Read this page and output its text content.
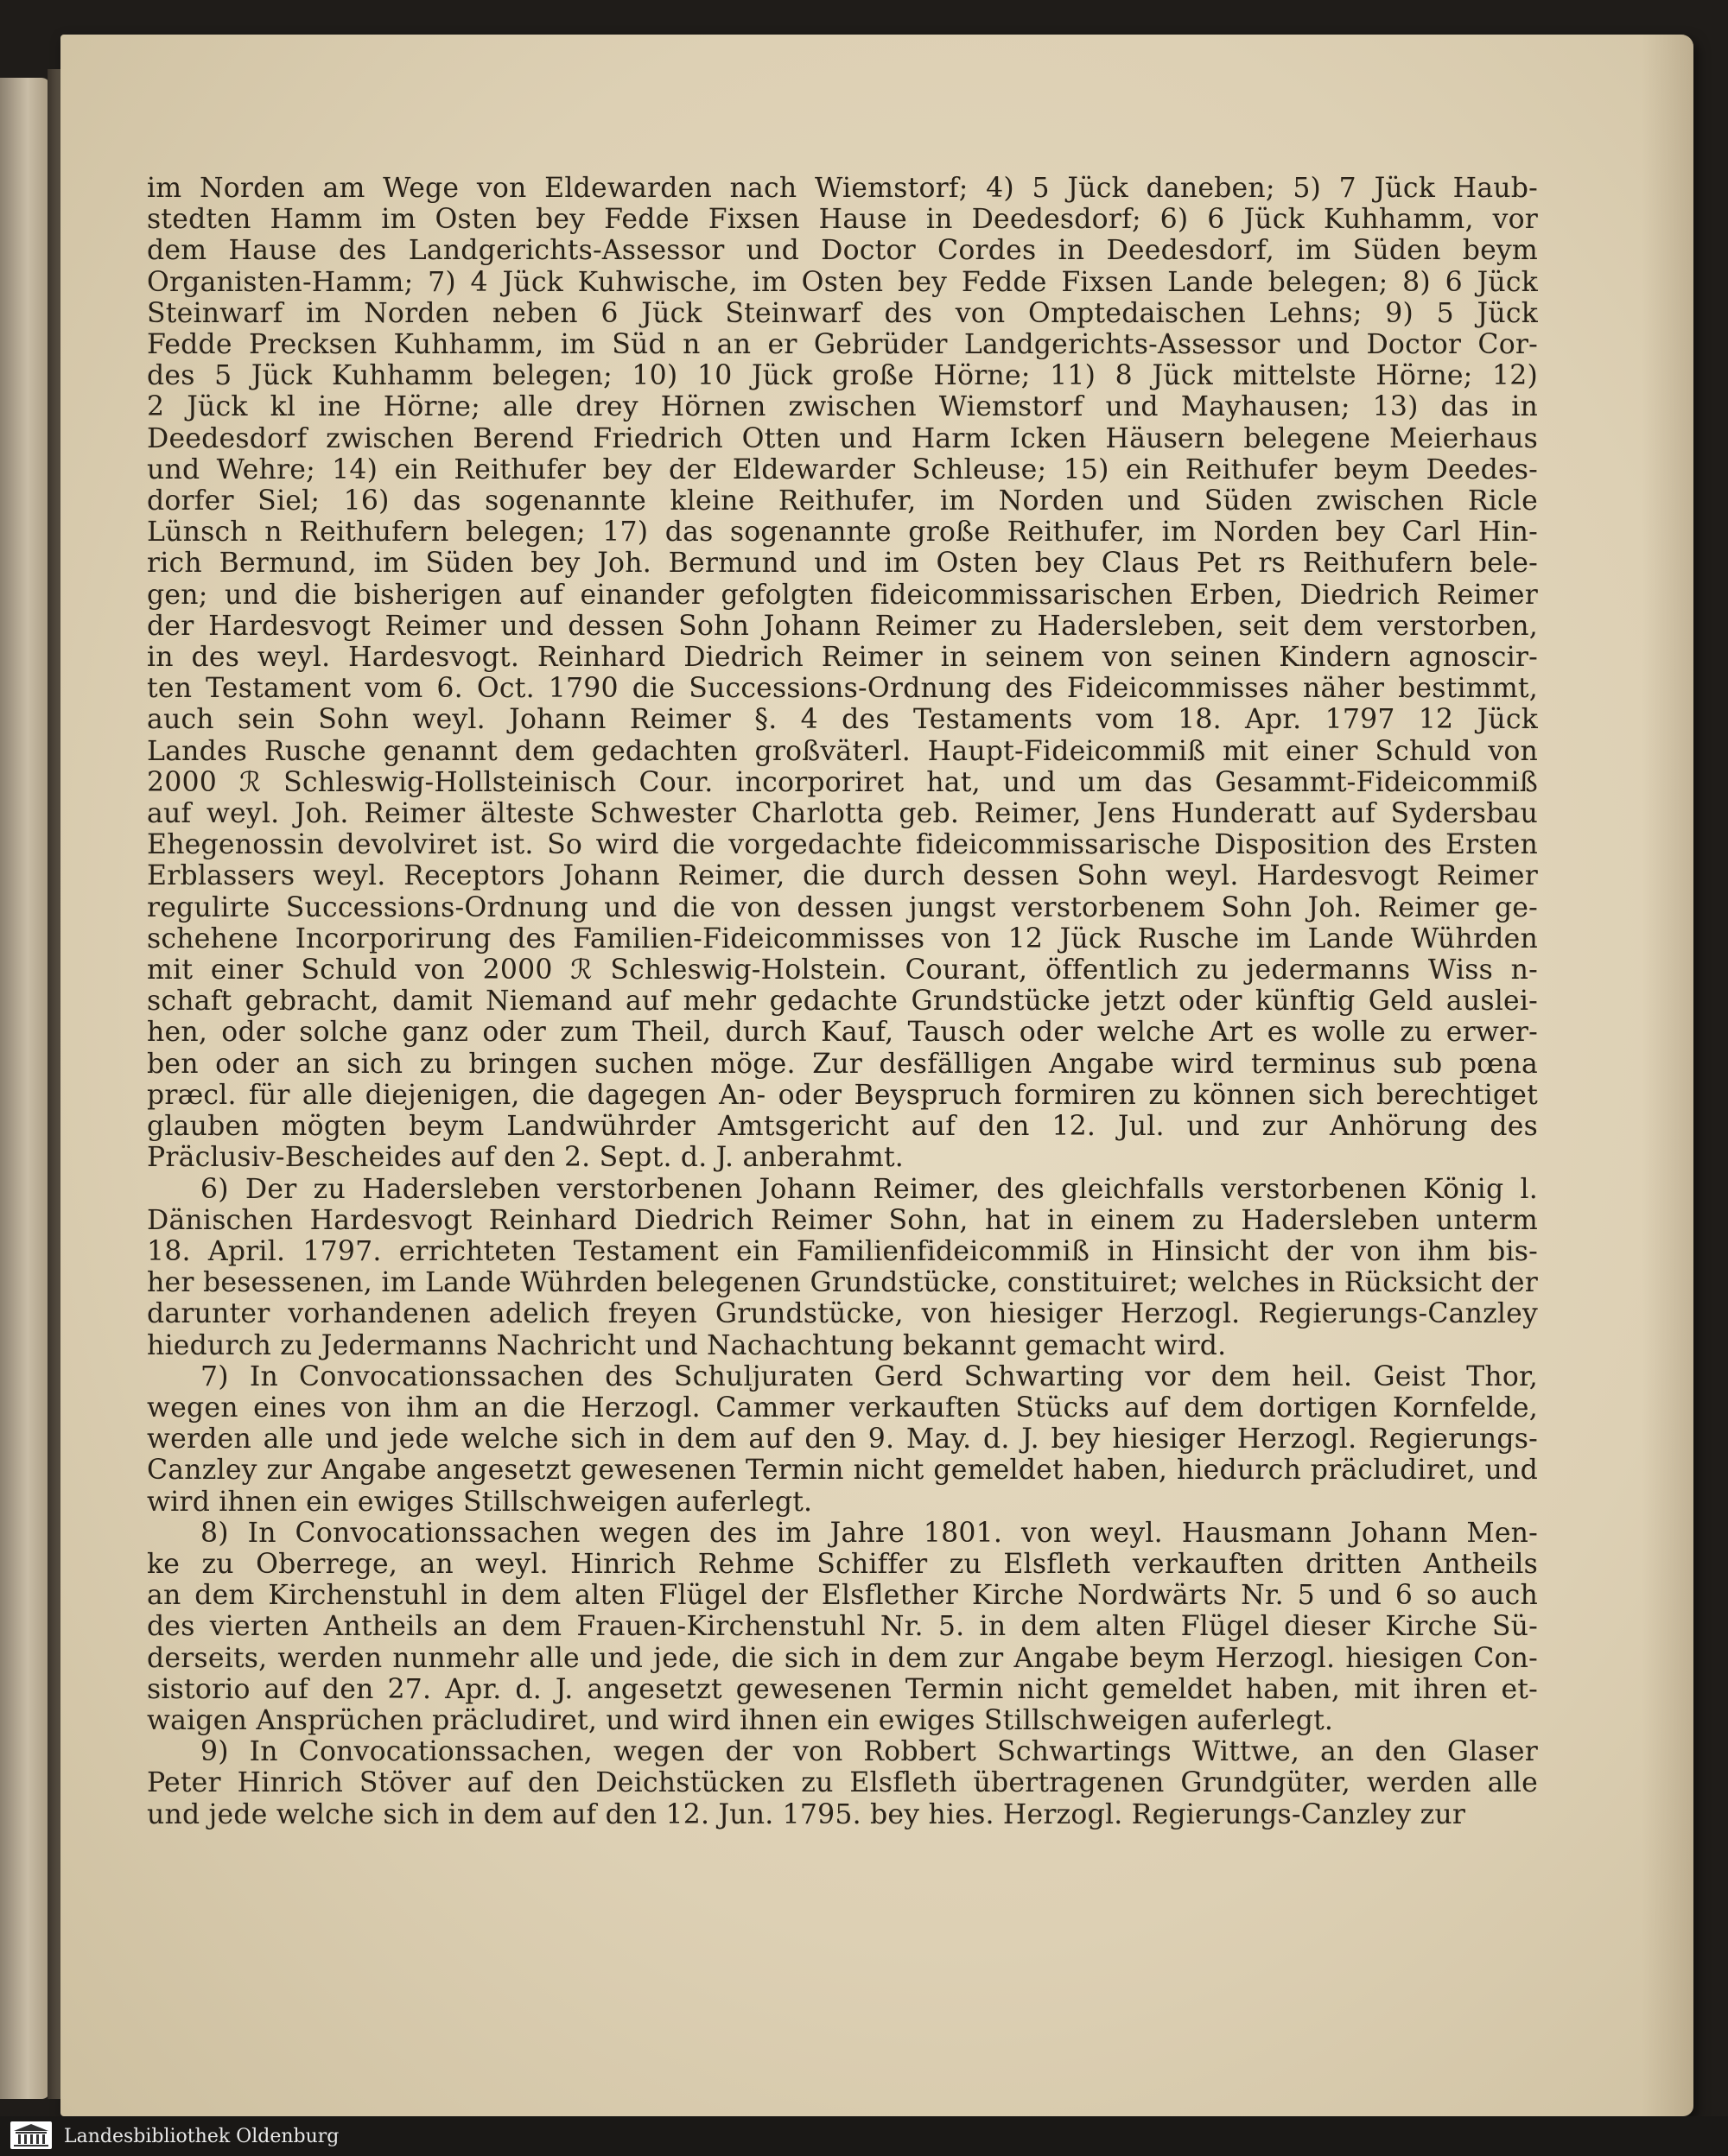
im Norden am Wege von Eldewarden nach Wiemstorf; 4) 5 Jück daneben; 5) 7 Jück Haub-
stedten Hamm im Osten bey Fedde Fixsen Hause in Deedesdorf; 6) 6 Jück Kuhhamm, vor
dem Hause des Landgerichts-Assessor und Doctor Cordes in Deedesdorf, im Süden beym
Organisten-Hamm; 7) 4 Jück Kuhwische, im Osten bey Fedde Fixsen Lande belegen; 8) 6 Jück
Steinwarf im Norden neben 6 Jück Steinwarf des von Omptedaischen Lehns; 9) 5 Jück
Fedde Precksen Kuhhamm, im Süd n an er Gebrüder Landgerichts-Assessor und Doctor Cor-
des 5 Jück Kuhhamm belegen; 10) 10 Jück große Hörne; 11) 8 Jück mittelste Hörne; 12)
2 Jück kl ine Hörne; alle drey Hörnen zwischen Wiemstorf und Mayhausen; 13) das in
Deedesdorf zwischen Berend Friedrich Otten und Harm Icken Häusern belegene Meierhaus
und Wehre; 14) ein Reithufer bey der Eldewarder Schleuse; 15) ein Reithufer beym Deedes-
dorfer Siel; 16) das sogenannte kleine Reithufer, im Norden und Süden zwischen Ricle
Lünsch n Reithufern belegen; 17) das sogenannte große Reithufer, im Norden bey Carl Hin-
rich Bermund, im Süden bey Joh. Bermund und im Osten bey Claus Pet rs Reithufern bele-
gen; und die bisherigen auf einander gefolgten fideicommissarischen Erben, Diedrich Reimer
der Hardesvogt Reimer und dessen Sohn Johann Reimer zu Hadersleben, seit dem verstorben,
in des weyl. Hardesvogt. Reinhard Diedrich Reimer in seinem von seinen Kindern agnoscir-
ten Testament vom 6. Oct. 1790 die Successions-Ordnung des Fideicommisses näher bestimmt,
auch sein Sohn weyl. Johann Reimer §. 4 des Testaments vom 18. Apr. 1797 12 Jück
Landes Rusche genannt dem gedachten großväterl. Haupt-Fideicommiß mit einer Schuld von
2000 ℛ Schleswig-Hollsteinisch Cour. incorporiret hat, und um das Gesammt-Fideicommiß
auf weyl. Joh. Reimer älteste Schwester Charlotta geb. Reimer, Jens Hunderatt auf Sydersbau
Ehegenossin devolviret ist. So wird die vorgedachte fideicommissarische Disposition des Ersten
Erblassers weyl. Receptors Johann Reimer, die durch dessen Sohn weyl. Hardesvogt Reimer
regulirte Successions-Ordnung und die von dessen jungst verstorbenem Sohn Joh. Reimer ge-
schehene Incorporirung des Familien-Fideicommisses von 12 Jück Rusche im Lande Wührden
mit einer Schuld von 2000 ℛ Schleswig-Holstein. Courant, öffentlich zu jedermanns Wiss n-
schaft gebracht, damit Niemand auf mehr gedachte Grundstücke jetzt oder künftig Geld auslei-
hen, oder solche ganz oder zum Theil, durch Kauf, Tausch oder welche Art es wolle zu erwer-
ben oder an sich zu bringen suchen möge. Zur desfälligen Angabe wird terminus sub pœna
præcl. für alle diejenigen, die dagegen An- oder Beyspruch formiren zu können sich berechtiget
glauben mögten beym Landwührder Amtsgericht auf den 12. Jul. und zur Anhörung des
Präclusiv-Bescheides auf den 2. Sept. d. J. anberahmt.
6) Der zu Hadersleben verstorbenen Johann Reimer, des gleichfalls verstorbenen König l.
Dänischen Hardesvogt Reinhard Diedrich Reimer Sohn, hat in einem zu Hadersleben unterm
18. April. 1797. errichteten Testament ein Familienfideicommiß in Hinsicht der von ihm bis-
her besessenen, im Lande Wührden belegenen Grundstücke, constituiret; welches in Rücksicht der
darunter vorhandenen adelich freyen Grundstücke, von hiesiger Herzogl. Regierungs-Canzley
hiedurch zu Jedermanns Nachricht und Nachachtung bekannt gemacht wird.
7) In Convocationssachen des Schuljuraten Gerd Schwarting vor dem heil. Geist Thor,
wegen eines von ihm an die Herzogl. Cammer verkauften Stücks auf dem dortigen Kornfelde,
werden alle und jede welche sich in dem auf den 9. May. d. J. bey hiesiger Herzogl. Regierungs-
Canzley zur Angabe angesetzt gewesenen Termin nicht gemeldet haben, hiedurch präcludiret, und
wird ihnen ein ewiges Stillschweigen auferlegt.
8) In Convocationssachen wegen des im Jahre 1801. von weyl. Hausmann Johann Men-
ke zu Oberrege, an weyl. Hinrich Rehme Schiffer zu Elsfleth verkauften dritten Antheils
an dem Kirchenstuhl in dem alten Flügel der Elsflether Kirche Nordwärts Nr. 5 und 6 so auch
des vierten Antheils an dem Frauen-Kirchenstuhl Nr. 5. in dem alten Flügel dieser Kirche Sü-
derseits, werden nunmehr alle und jede, die sich in dem zur Angabe beym Herzogl. hiesigen Con-
sistorio auf den 27. Apr. d. J. angesetzt gewesenen Termin nicht gemeldet haben, mit ihren et-
waigen Ansprüchen präcludiret, und wird ihnen ein ewiges Stillschweigen auferlegt.
9) In Convocationssachen, wegen der von Robbert Schwartings Wittwe, an den Glaser
Peter Hinrich Stöver auf den Deichstücken zu Elsfleth übertragenen Grundgüter, werden alle
und jede welche sich in dem auf den 12. Jun. 1795. bey hies. Herzogl. Regierungs-Canzley zur
Landesbibliothek Oldenburg
